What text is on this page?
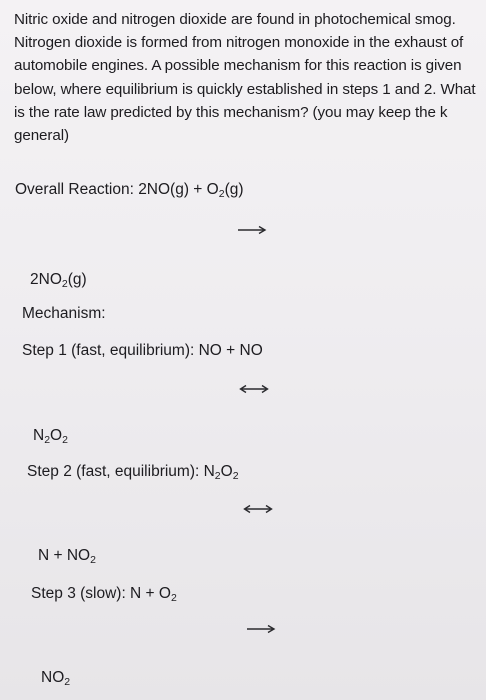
Nitric oxide and nitrogen dioxide are found in photochemical smog. Nitrogen dioxide is formed from nitrogen monoxide in the exhaust of automobile engines. A possible mechanism for this reaction is given below, where equilibrium is quickly established in steps 1 and 2. What is the rate law predicted by this mechanism? (you may keep the k general)
Overall Reaction: $2NO(g) + O_2(g)$
$2NO_2(g)$
Mechanism:
Step 1 (fast, equilibrium): NO + NO
$N_2O_2$
Step 2 (fast, equilibrium): $N_2O_2$
$N + NO_2$
Step 3 (slow): $N + O_2$
$NO_2$
